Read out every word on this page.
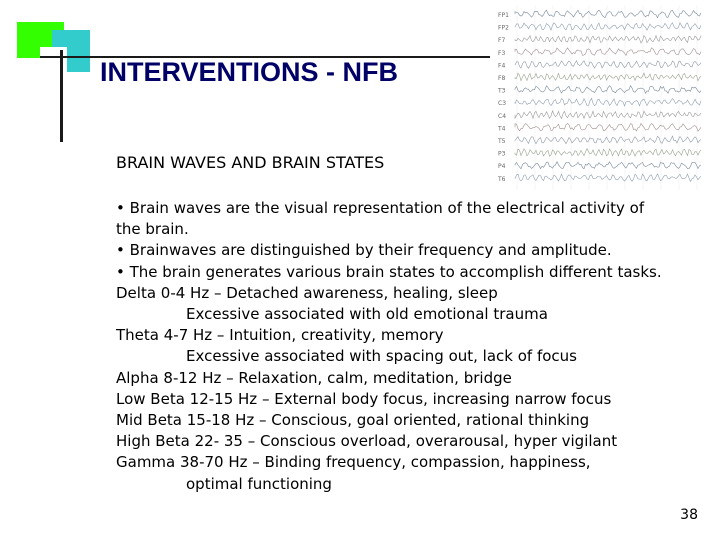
INTERVENTIONS - NFB
FP1
FP2
F7
F3
F4
F8
T3
C3
C4
T4
T5
P3
P4
T6
BRAIN WAVES AND BRAIN STATES
• Brain waves are the visual representation of the electrical activity of
the brain.
• Brainwaves are distinguished by their frequency and amplitude.
• The brain generates various brain states to accomplish different tasks.
Delta 0-4 Hz – Detached awareness, healing, sleep
Excessive associated with old emotional trauma
Theta 4-7 Hz – Intuition, creativity, memory
Excessive associated with spacing out, lack of focus
Alpha 8-12 Hz – Relaxation, calm, meditation, bridge
Low Beta 12-15 Hz – External body focus, increasing narrow focus
Mid Beta 15-18 Hz – Conscious, goal oriented, rational thinking
High Beta 22- 35 – Conscious overload, overarousal, hyper vigilant
Gamma 38-70 Hz – Binding frequency, compassion, happiness,
optimal functioning
38
